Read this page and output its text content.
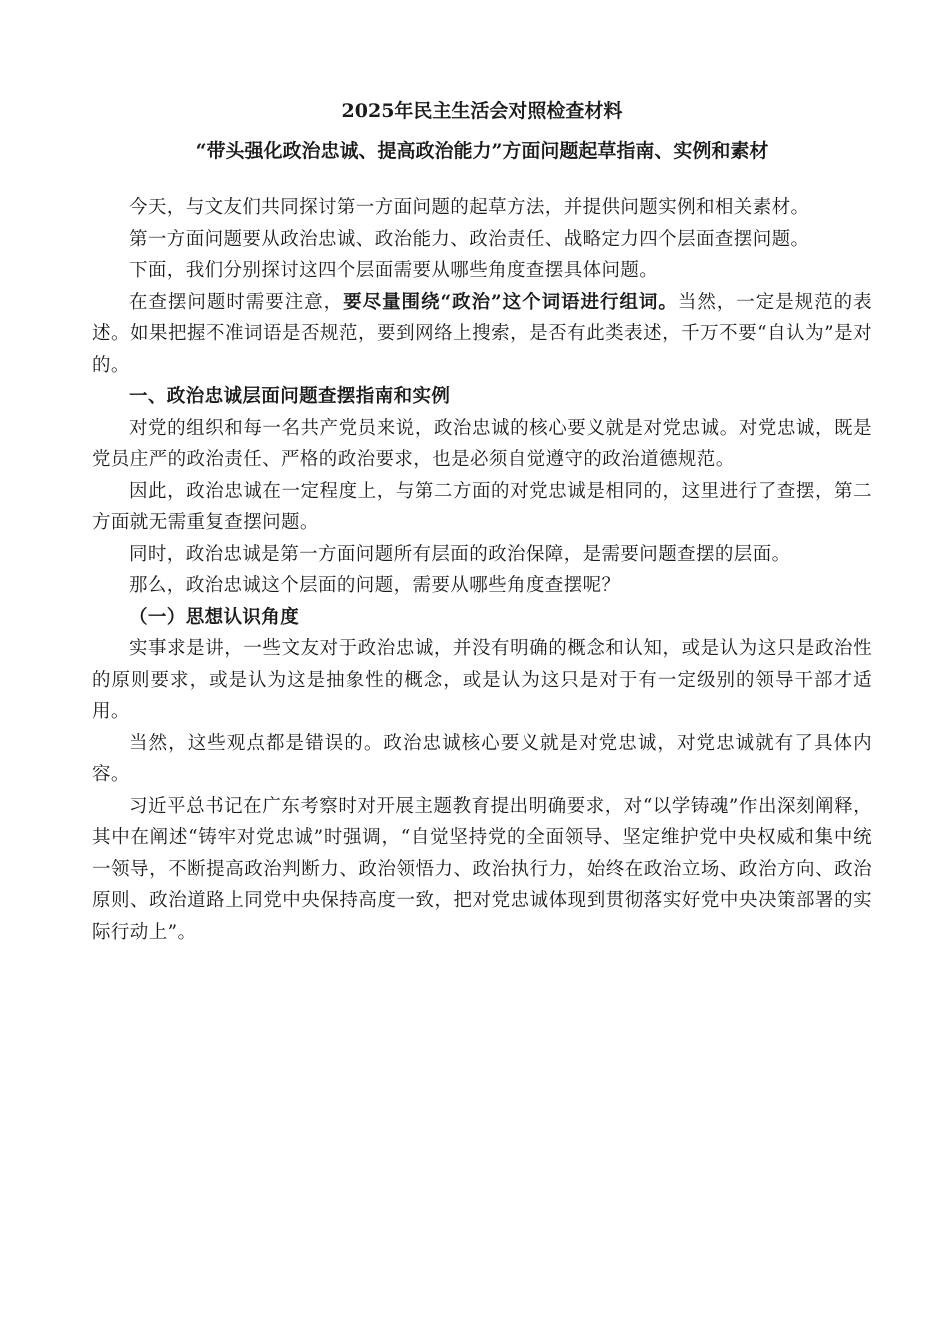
2025年民主生活会对照检查材料
“带头强化政治忠诚、提高政治能力”方面问题起草指南、实例和素材

今天，与文友们共同探讨第一方面问题的起草方法，并提供问题实例和相关素材。

第一方面问题要从政治忠诚、政治能力、政治责任、战略定力四个层面查摆问题。

下面，我们分别探讨这四个层面需要从哪些角度查摆具体问题。

在查摆问题时需要注意，要尽量围绕“政治”这个词语进行组词。当然，一定是规范的表述。如果把握不准词语是否规范，要到网络上搜索，是否有此类表述，千万不要“自认为”是对的。

一、政治忠诚层面问题查摆指南和实例

对党的组织和每一名共产党员来说，政治忠诚的核心要义就是对党忠诚。对党忠诚，既是党员庄严的政治责任、严格的政治要求，也是必须自觉遵守的政治道德规范。

因此，政治忠诚在一定程度上，与第二方面的对党忠诚是相同的，这里进行了查摆，第二方面就无需重复查摆问题。

同时，政治忠诚是第一方面问题所有层面的政治保障，是需要问题查摆的层面。

那么，政治忠诚这个层面的问题，需要从哪些角度查摆呢？

（一）思想认识角度

实事求是讲，一些文友对于政治忠诚，并没有明确的概念和认知，或是认为这只是政治性的原则要求，或是认为这是抽象性的概念，或是认为这只是对于有一定级别的领导干部才适用。

当然，这些观点都是错误的。政治忠诚核心要义就是对党忠诚，对党忠诚就有了具体内容。

习近平总书记在广东考察时对开展主题教育提出明确要求，对“以学铸魂”作出深刻阐释，其中在阐述“铸牢对党忠诚”时强调，“自觉坚持党的全面领导、坚定维护党中央权威和集中统一领导，不断提高政治判断力、政治领悟力、政治执行力，始终在政治立场、政治方向、政治原则、政治道路上同党中央保持高度一致，把对党忠诚体现到贯彻落实好党中央决策部署的实际行动上”。
